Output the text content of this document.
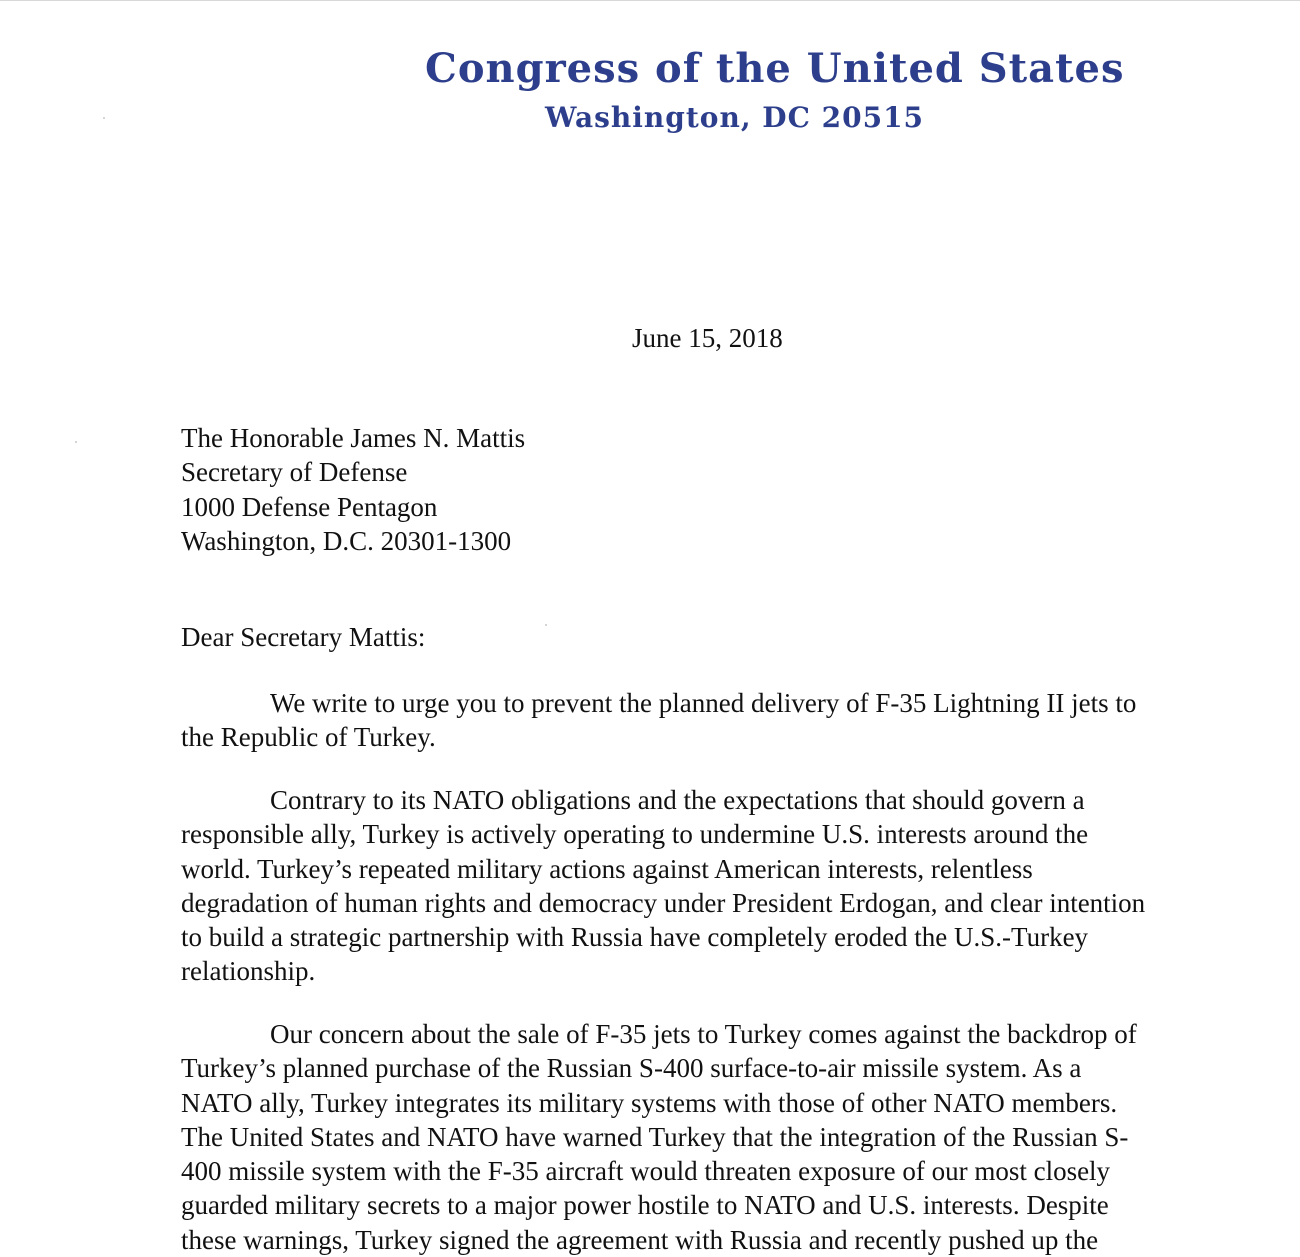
Congress of the United States
Washington, DC 20515
June 15, 2018
The Honorable James N. Mattis
Secretary of Defense
1000 Defense Pentagon
Washington, D.C. 20301-1300
Dear Secretary Mattis:
We write to urge you to prevent the planned delivery of F-35 Lightning II jets to
the Republic of Turkey.
Contrary to its NATO obligations and the expectations that should govern a
responsible ally, Turkey is actively operating to undermine U.S. interests around the
world. Turkey’s repeated military actions against American interests, relentless
degradation of human rights and democracy under President Erdogan, and clear intention
to build a strategic partnership with Russia have completely eroded the U.S.-Turkey
relationship.
Our concern about the sale of F-35 jets to Turkey comes against the backdrop of
Turkey’s planned purchase of the Russian S-400 surface-to-air missile system. As a
NATO ally, Turkey integrates its military systems with those of other NATO members.
The United States and NATO have warned Turkey that the integration of the Russian S-
400 missile system with the F-35 aircraft would threaten exposure of our most closely
guarded military secrets to a major power hostile to NATO and U.S. interests. Despite
these warnings, Turkey signed the agreement with Russia and recently pushed up the
